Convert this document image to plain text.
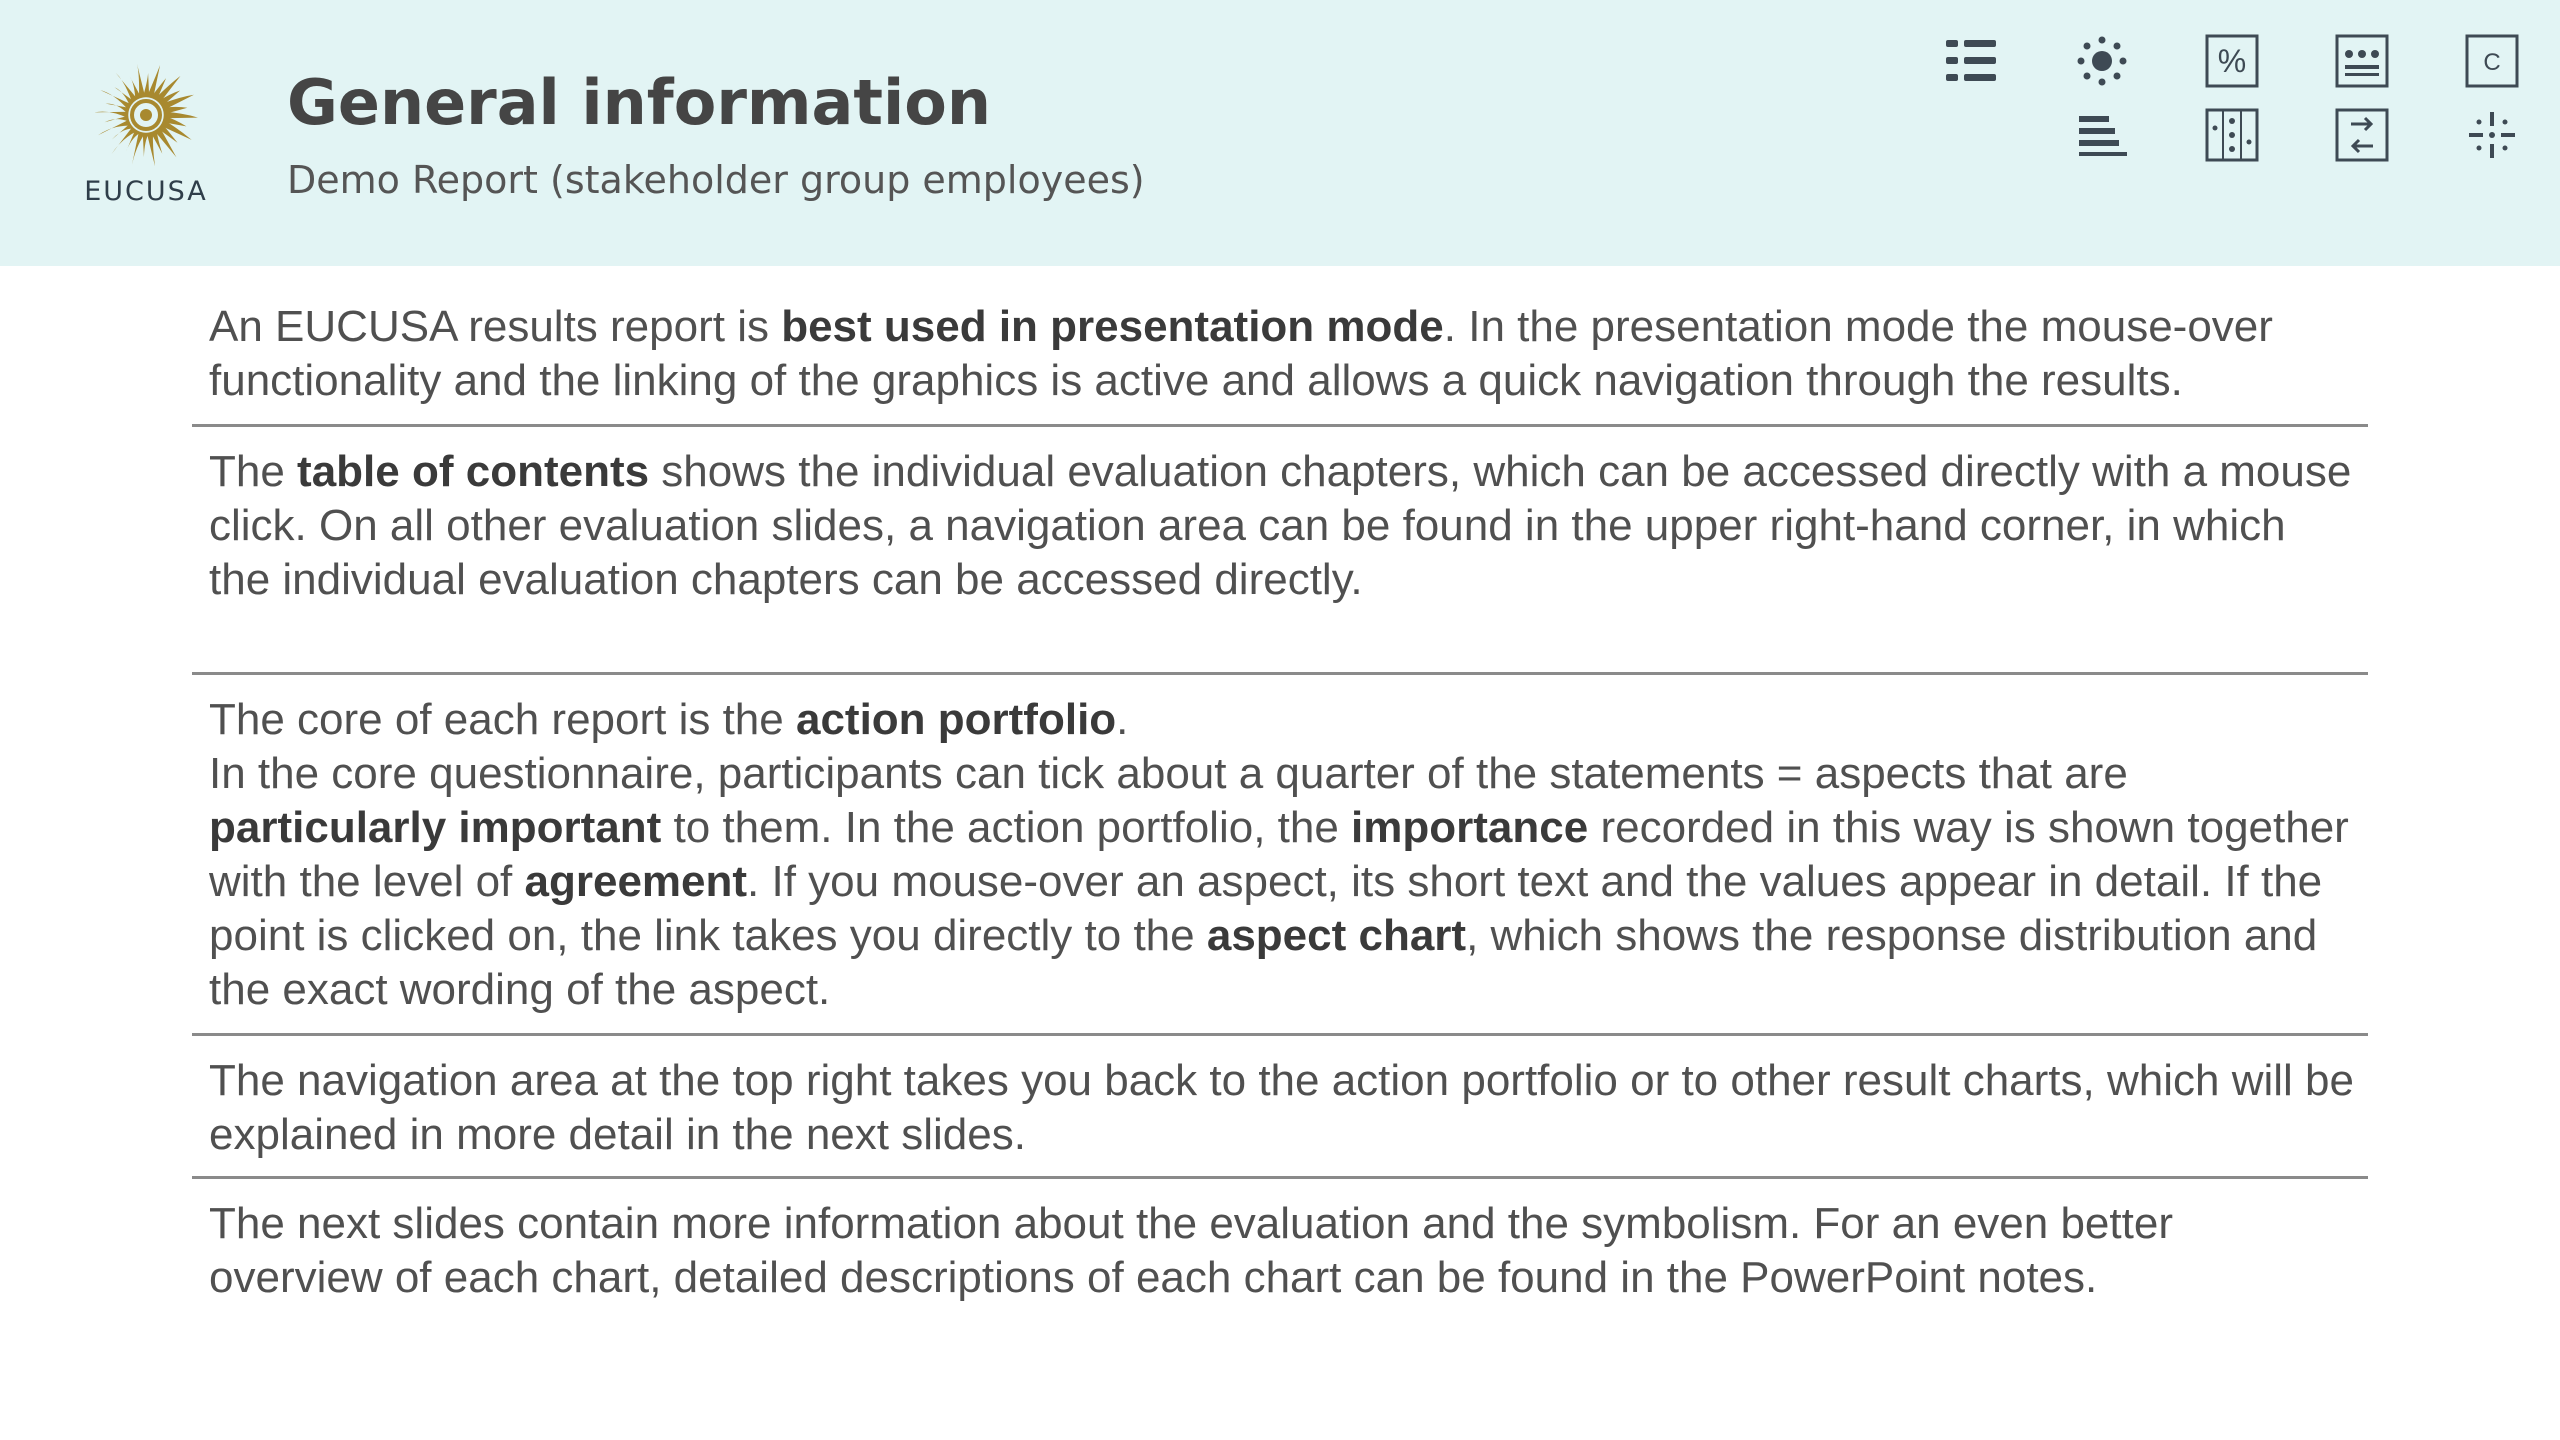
EUCUSA
General information
Demo Report (stakeholder group employees)
%	C
An EUCUSA results report is best used in presentation mode. In the presentation mode the mouse-over functionality and the linking of the graphics is active and allows a quick navigation through the results.
The table of contents shows the individual evaluation chapters, which can be accessed directly with a mouse click. On all other evaluation slides, a navigation area can be found in the upper right-hand corner, in which the individual evaluation chapters can be accessed directly.
The core of each report is the action portfolio.
In the core questionnaire, participants can tick about a quarter of the statements = aspects that are particularly important to them. In the action portfolio, the importance recorded in this way is shown together with the level of agreement. If you mouse-over an aspect, its short text and the values appear in detail. If the point is clicked on, the link takes you directly to the aspect chart, which shows the response distribution and the exact wording of the aspect.
The navigation area at the top right takes you back to the action portfolio or to other result charts, which will be explained in more detail in the next slides.
The next slides contain more information about the evaluation and the symbolism. For an even better overview of each chart, detailed descriptions of each chart can be found in the PowerPoint notes.
